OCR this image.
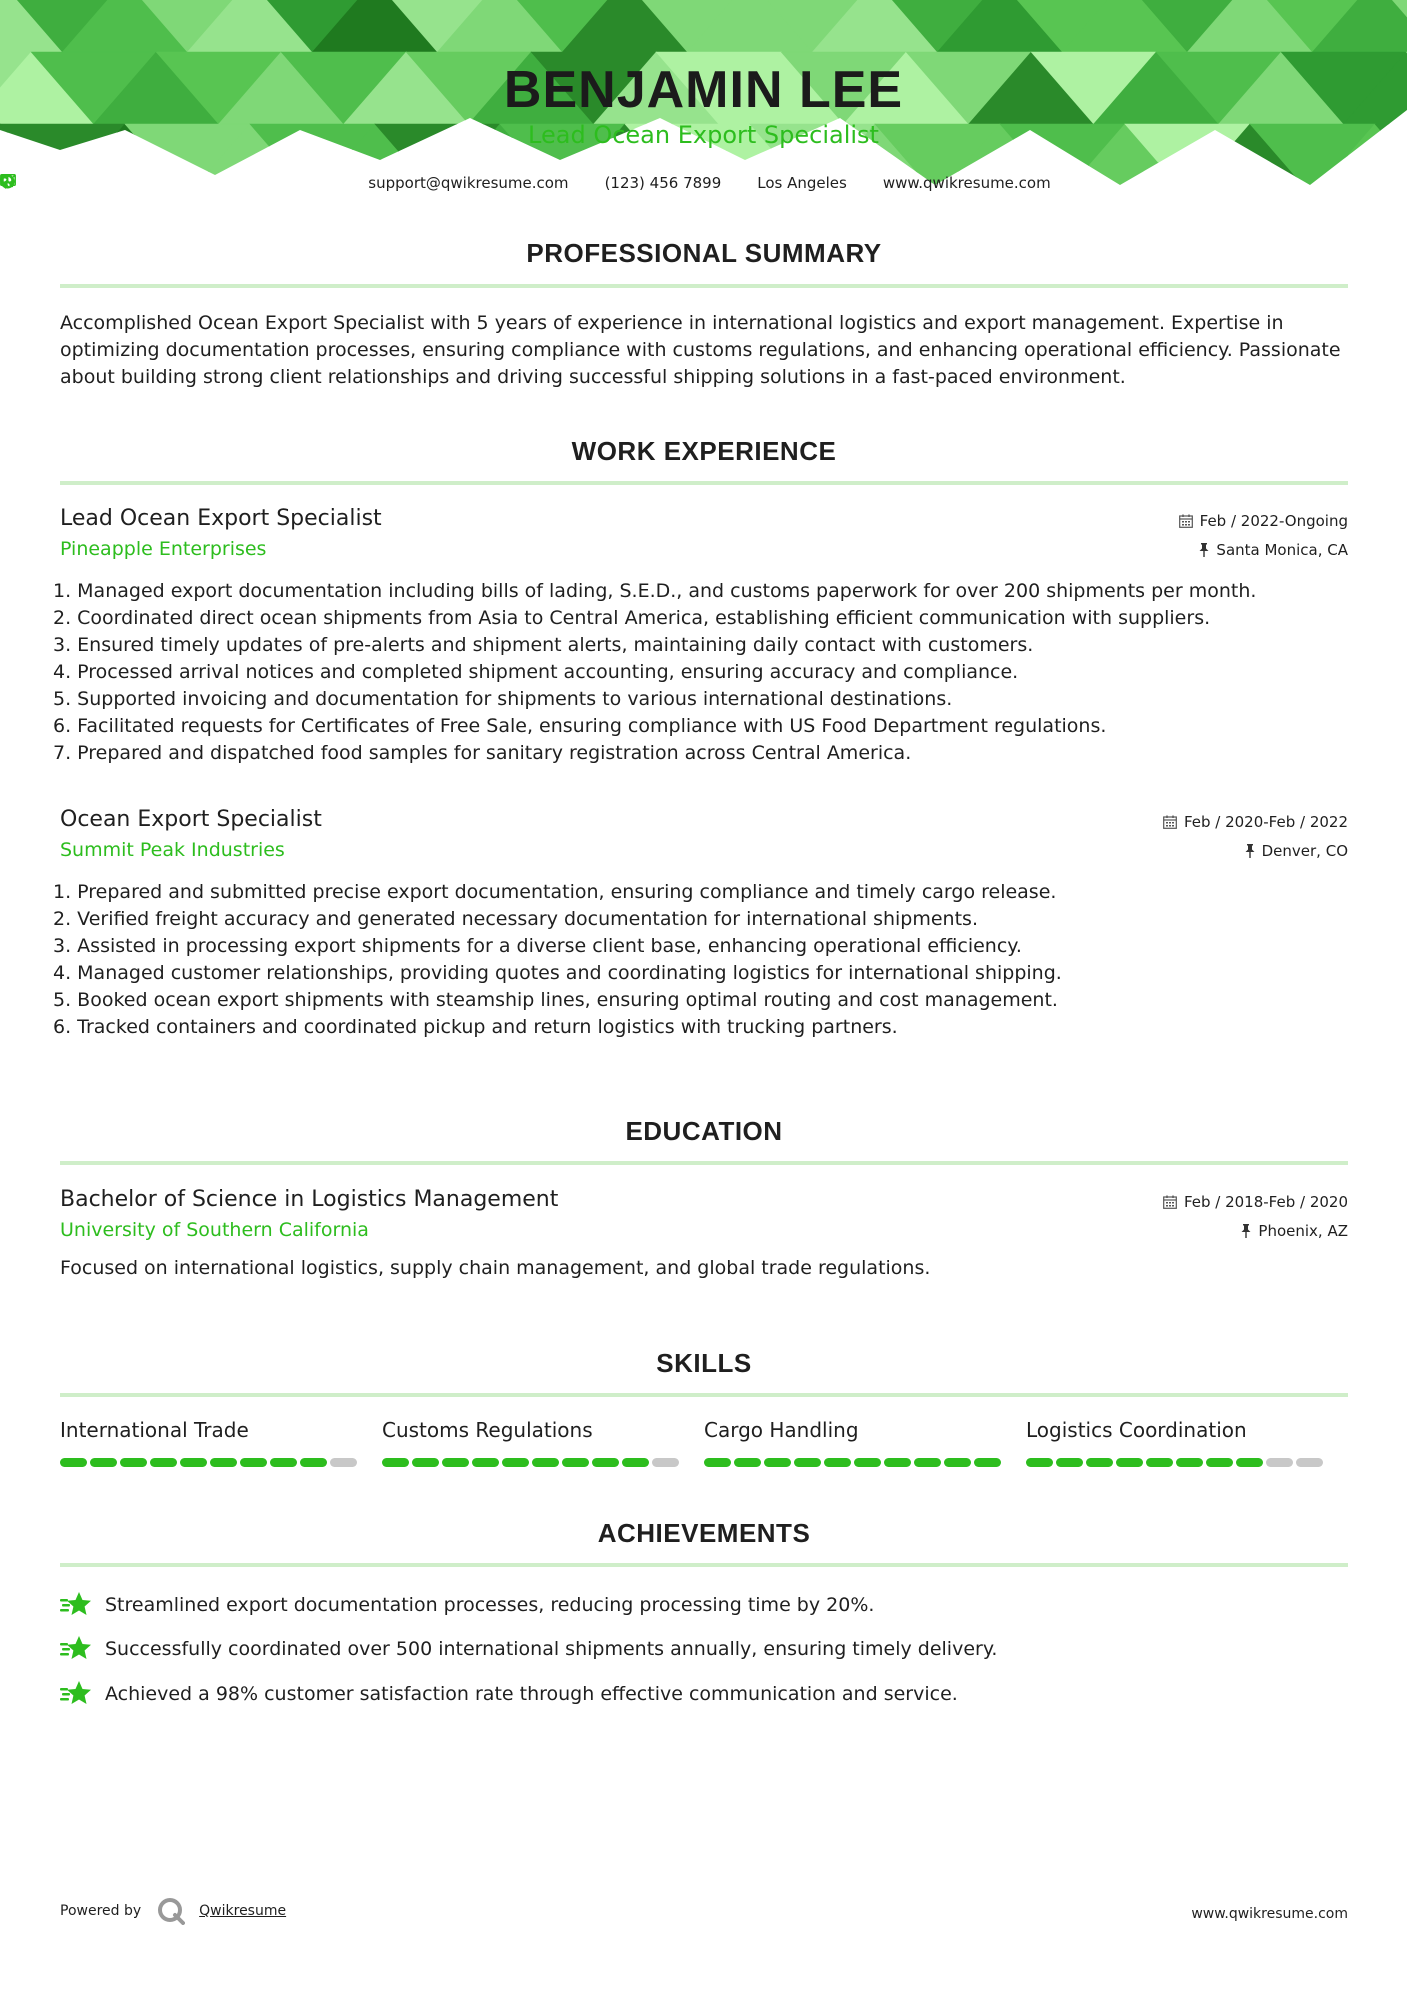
BENJAMIN LEE
Lead Ocean Export Specialist
support@qwikresume.com (123) 456 7899 Los Angeles www.qwikresume.com
PROFESSIONAL SUMMARY
Accomplished Ocean Export Specialist with 5 years of experience in international logistics and export management. Expertise in optimizing documentation processes, ensuring compliance with customs regulations, and enhancing operational efficiency. Passionate about building strong client relationships and driving successful shipping solutions in a fast-paced environment.
WORK EXPERIENCE
Lead Ocean Export Specialist	Feb / 2022-Ongoing
Pineapple Enterprises	Santa Monica, CA
1. Managed export documentation including bills of lading, S.E.D., and customs paperwork for over 200 shipments per month.
2. Coordinated direct ocean shipments from Asia to Central America, establishing efficient communication with suppliers.
3. Ensured timely updates of pre-alerts and shipment alerts, maintaining daily contact with customers.
4. Processed arrival notices and completed shipment accounting, ensuring accuracy and compliance.
5. Supported invoicing and documentation for shipments to various international destinations.
6. Facilitated requests for Certificates of Free Sale, ensuring compliance with US Food Department regulations.
7. Prepared and dispatched food samples for sanitary registration across Central America.
Ocean Export Specialist	Feb / 2020-Feb / 2022
Summit Peak Industries	Denver, CO
1. Prepared and submitted precise export documentation, ensuring compliance and timely cargo release.
2. Verified freight accuracy and generated necessary documentation for international shipments.
3. Assisted in processing export shipments for a diverse client base, enhancing operational efficiency.
4. Managed customer relationships, providing quotes and coordinating logistics for international shipping.
5. Booked ocean export shipments with steamship lines, ensuring optimal routing and cost management.
6. Tracked containers and coordinated pickup and return logistics with trucking partners.
EDUCATION
Bachelor of Science in Logistics Management	Feb / 2018-Feb / 2020
University of Southern California	Phoenix, AZ
Focused on international logistics, supply chain management, and global trade regulations.
SKILLS
International Trade	Customs Regulations	Cargo Handling	Logistics Coordination
ACHIEVEMENTS
Streamlined export documentation processes, reducing processing time by 20%.
Successfully coordinated over 500 international shipments annually, ensuring timely delivery.
Achieved a 98% customer satisfaction rate through effective communication and service.
Powered by	Qwikresume	www.qwikresume.com
